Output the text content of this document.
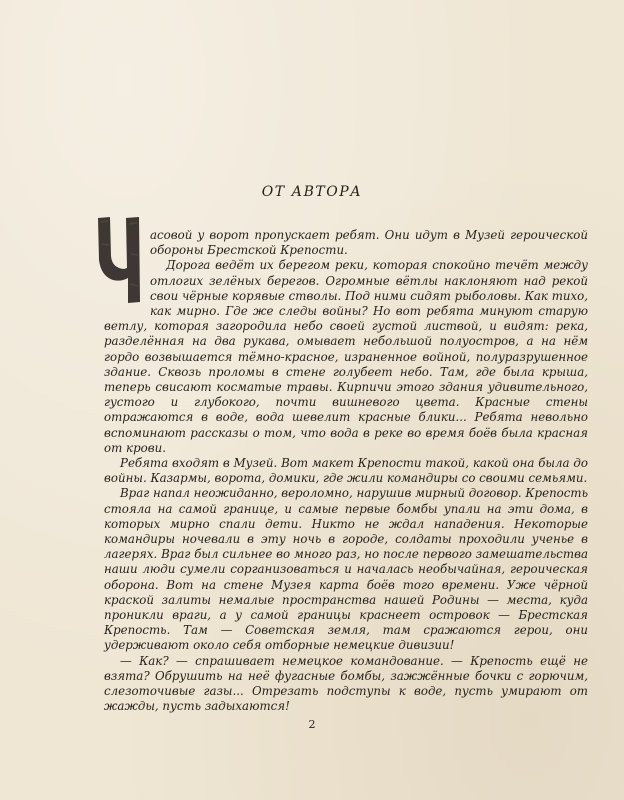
ОТ АВТОРА

асовой у ворот пропускает ребят. Они идут в Музей героической обороны Брестской Крепости.

Дорога ведёт их берегом реки, которая спокойно течёт между отлогих зелёных берегов. Огромные вётлы наклоняют над рекой свои чёрные корявые стволы. Под ними сидят рыболовы. Как тихо, как мирно. Где же следы войны? Но вот ребята минуют старую ветлу, которая загородила небо своей густой листвой, и видят: река, разделённая на два рукава, омывает небольшой полуостров, а на нём гордо возвышается тёмно-красное, израненное войной, полуразрушенное здание. Сквозь проломы в стене голубеет небо. Там, где была крыша, теперь свисают косматые травы. Кирпичи этого здания удивительного, густого и глубокого, почти вишневого цвета. Красные стены отражаются в воде, вода шевелит красные блики... Ребята невольно вспоминают рассказы о том, что вода в реке во время боёв была красная от крови.

Ребята входят в Музей. Вот макет Крепости такой, какой она была до войны. Казармы, ворота, домики, где жили командиры со своими семьями.

Враг напал неожиданно, вероломно, нарушив мирный договор. Крепость стояла на самой границе, и самые первые бомбы упали на эти дома, в которых мирно спали дети. Никто не ждал нападения. Некоторые командиры ночевали в эту ночь в городе, солдаты проходили ученье в лагерях. Враг был сильнее во много раз, но после первого замешательства наши люди сумели сорганизоваться и началась необычайная, героическая оборона. Вот на стене Музея карта боёв того времени. Уже чёрной краской залиты немалые пространства нашей Родины — места, куда проникли враги, а у самой границы краснеет островок — Брестская Крепость. Там — Советская земля, там сражаются герои, они удерживают около себя отборные немецкие дивизии!

— Как? — спрашивает немецкое командование. — Крепость ещё не взята? Обрушить на неё фугасные бомбы, зажжённые бочки с горючим, слезоточивые газы... Отрезать подступы к воде, пусть умирают от жажды, пусть задыхаются!

2
